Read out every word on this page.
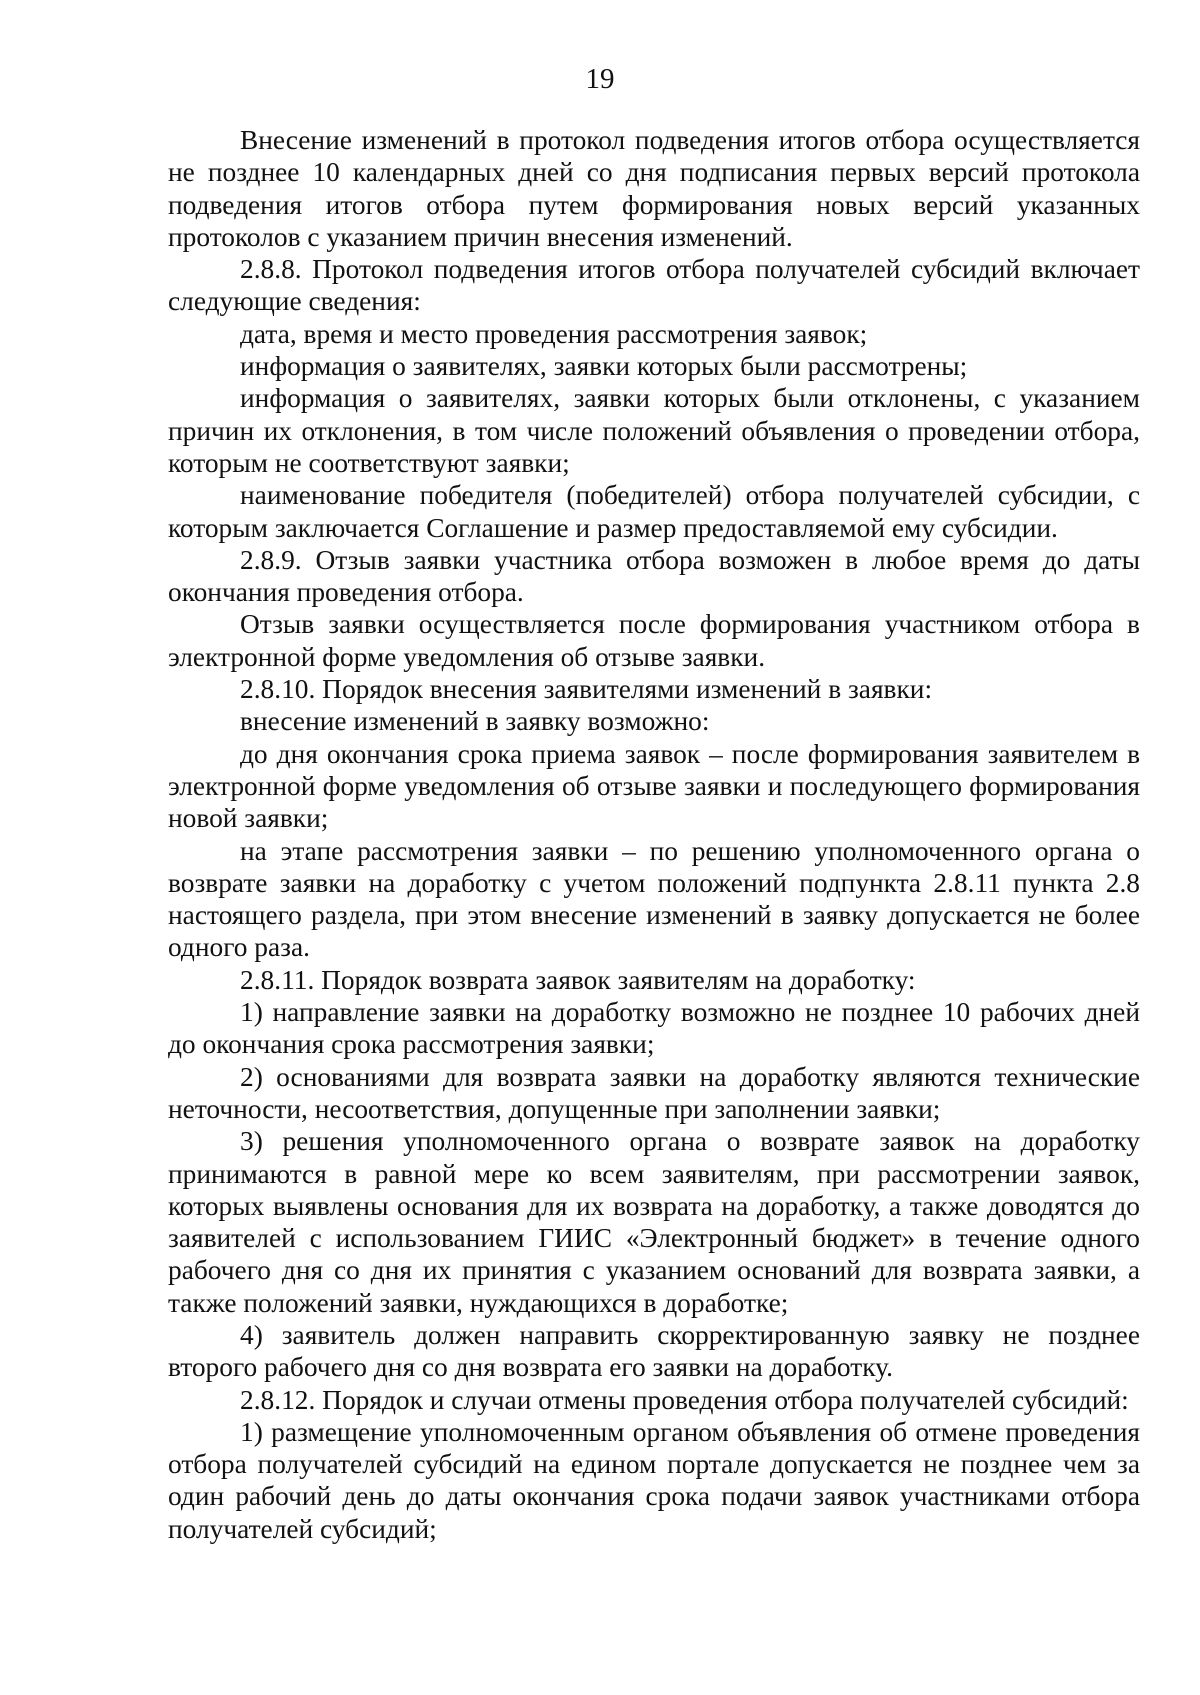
19

Внесение изменений в протокол подведения итогов отбора осуществляется не позднее 10 календарных дней со дня подписания первых версий протокола подведения итогов отбора путем формирования новых версий указанных протоколов с указанием причин внесения изменений.

2.8.8. Протокол подведения итогов отбора получателей субсидий включает следующие сведения:

дата, время и место проведения рассмотрения заявок;

информация о заявителях, заявки которых были рассмотрены;

информация о заявителях, заявки которых были отклонены, с указанием причин их отклонения, в том числе положений объявления о проведении отбора, которым не соответствуют заявки;

наименование победителя (победителей) отбора получателей субсидии, с которым заключается Соглашение и размер предоставляемой ему субсидии.

2.8.9. Отзыв заявки участника отбора возможен в любое время до даты окончания проведения отбора.

Отзыв заявки осуществляется после формирования участником отбора в электронной форме уведомления об отзыве заявки.

2.8.10. Порядок внесения заявителями изменений в заявки:

внесение изменений в заявку возможно:

до дня окончания срока приема заявок – после формирования заявителем в электронной форме уведомления об отзыве заявки и последующего формирования новой заявки;

на этапе рассмотрения заявки – по решению уполномоченного органа о возврате заявки на доработку с учетом положений подпункта 2.8.11 пункта 2.8 настоящего раздела, при этом внесение изменений в заявку допускается не более одного раза.

2.8.11. Порядок возврата заявок заявителям на доработку:

1) направление заявки на доработку возможно не позднее 10 рабочих дней до окончания срока рассмотрения заявки;

2) основаниями для возврата заявки на доработку являются технические неточности, несоответствия, допущенные при заполнении заявки;

3) решения уполномоченного органа о возврате заявок на доработку принимаются в равной мере ко всем заявителям, при рассмотрении заявок, которых выявлены основания для их возврата на доработку, а также доводятся до заявителей с использованием ГИИС «Электронный бюджет» в течение одного рабочего дня со дня их принятия с указанием оснований для возврата заявки, а также положений заявки, нуждающихся в доработке;

4) заявитель должен направить скорректированную заявку не позднее второго рабочего дня со дня возврата его заявки на доработку.

2.8.12. Порядок и случаи отмены проведения отбора получателей субсидий:

1) размещение уполномоченным органом объявления об отмене проведения отбора получателей субсидий на едином портале допускается не позднее чем за один рабочий день до даты окончания срока подачи заявок участниками отбора получателей субсидий;
